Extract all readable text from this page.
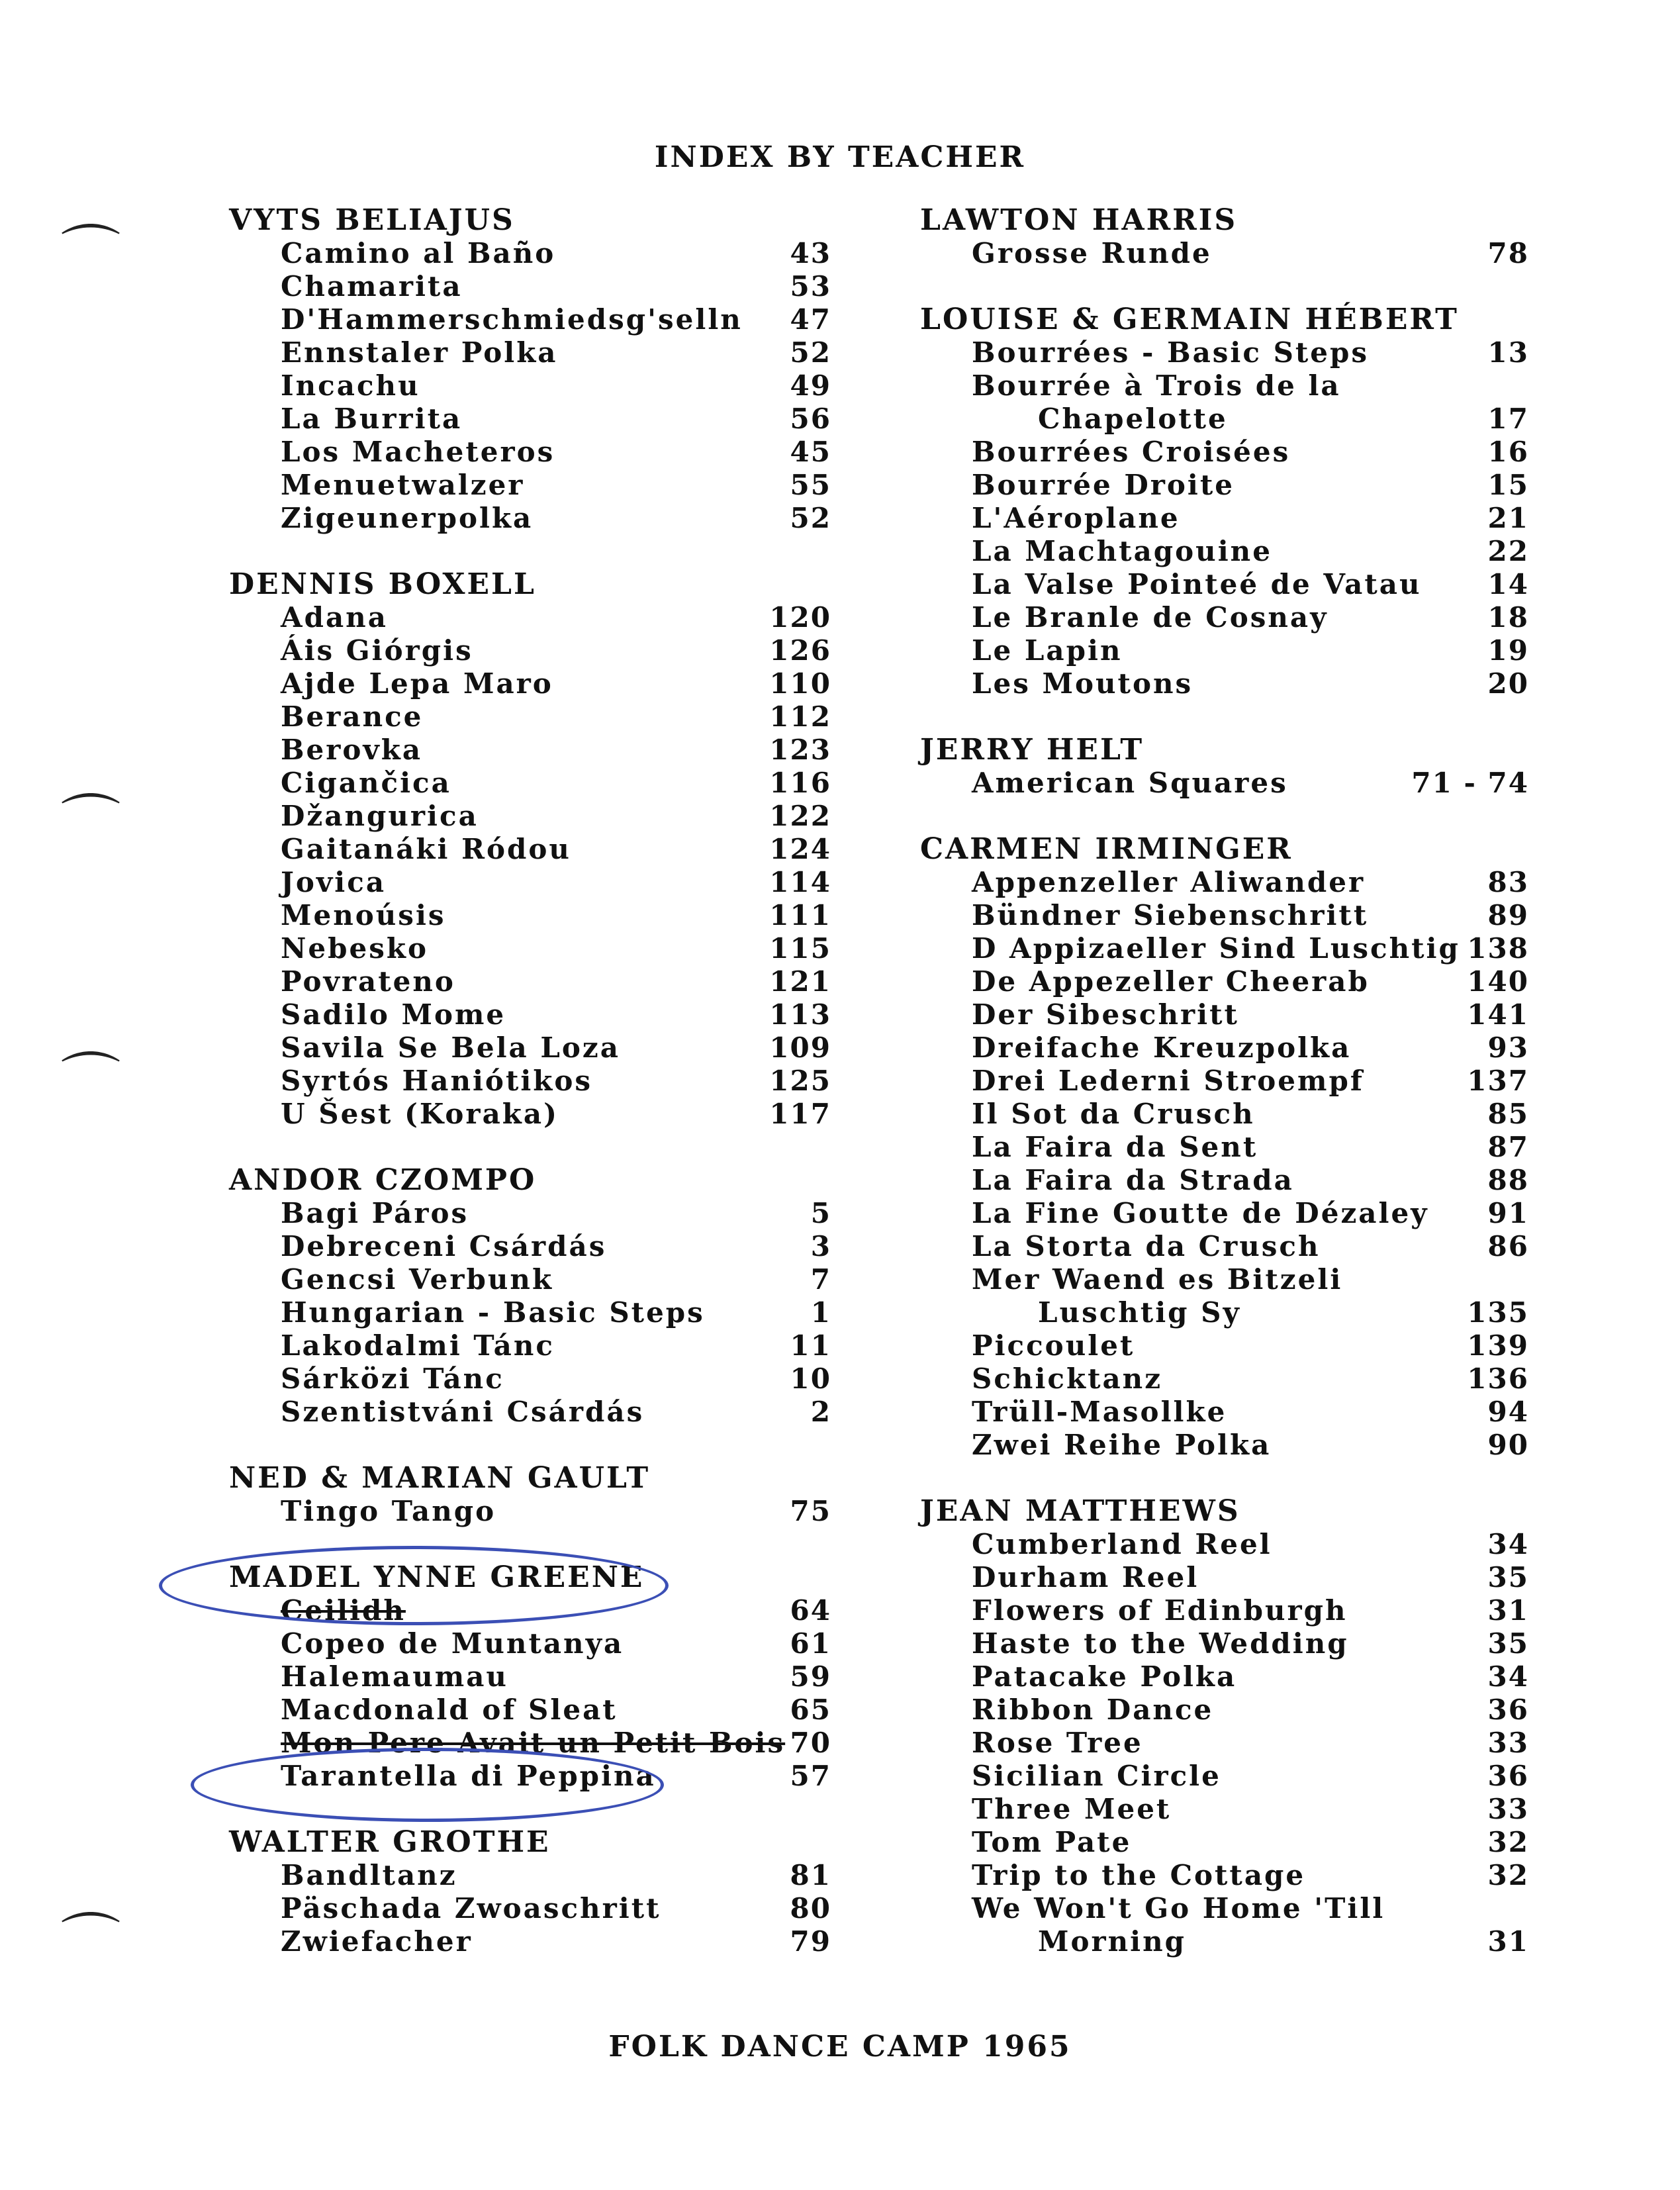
INDEX BY TEACHER
VYTS BELIAJUS
Camino al Baño	43
Chamarita	53
D'Hammerschmiedsg'selln 47
Ennstaler Polka	52
Incachu	49
La Burrita	56
Los Macheteros	45
Menuetwalzer	55
Zigeunerpolka	52
DENNIS BOXELL
Adana	120
Áis Giórgis	126
Ajde Lepa Maro	110
Berance	112
Berovka	123
Cigančica	116
Džangurica	122
Gaitanáki Ródou	124
Jovica	114
Menoúsis	111
Nebesko	115
Povrateno	121
Sadilo Mome	113
Savila Se Bela Loza	109
Syrtós Haniótikos	125
U Šest (Koraka)	117
ANDOR CZOMPO
Bagi Páros	5
Debreceni Csárdás	3
Gencsi Verbunk	7
Hungarian - Basic Steps	1
Lakodalmi Tánc	11
Sárközi Tánc	10
Szentistváni Csárdás	2
NED & MARIAN GAULT
Tingo Tango	75
MADEL YNNE GREENE
Ceilidh	64
Copeo de Muntanya	61
Halemaumau	59
Macdonald of Sleat	65
Mon Pere Avait un Petit Bois 70
Tarantella di Peppina	57
WALTER GROTHE
Bandltanz	81
Päschada Zwoaschritt	80
Zwiefacher	79
LAWTON HARRIS
Grosse Runde	78
LOUISE & GERMAIN HÉBERT
Bourrées - Basic Steps	13
Bourrée à Trois de la
Chapelotte	17
Bourrées Croisées	16
Bourrée Droite	15
L'Aéroplane	21
La Machtagouine	22
La Valse Pointeé de Vatau 14
Le Branle de Cosnay	18
Le Lapin	19
Les Moutons	20
JERRY HELT
American Squares	71 - 74
CARMEN IRMINGER
Appenzeller Aliwander	83
Bündner Siebenschritt	89
D Appizaeller Sind Luschtig 138
De Appezeller Cheerab	140
Der Sibeschritt	141
Dreifache Kreuzpolka	93
Drei Lederni Stroempf	137
Il Sot da Crusch	85
La Faira da Sent	87
La Faira da Strada	88
La Fine Goutte de Dézaley 91
La Storta da Crusch	86
Mer Waend es Bitzeli
Luschtig Sy	135
Piccoulet	139
Schicktanz	136
Trüll-Masollke	94
Zwei Reihe Polka	90
JEAN MATTHEWS
Cumberland Reel	34
Durham Reel	35
Flowers of Edinburgh	31
Haste to the Wedding	35
Patacake Polka	34
Ribbon Dance	36
Rose Tree	33
Sicilian Circle	36
Three Meet	33
Tom Pate	32
Trip to the Cottage	32
We Won't Go Home 'Till
Morning	31
FOLK DANCE CAMP 1965
⌒
⌒
⌒
⌒
